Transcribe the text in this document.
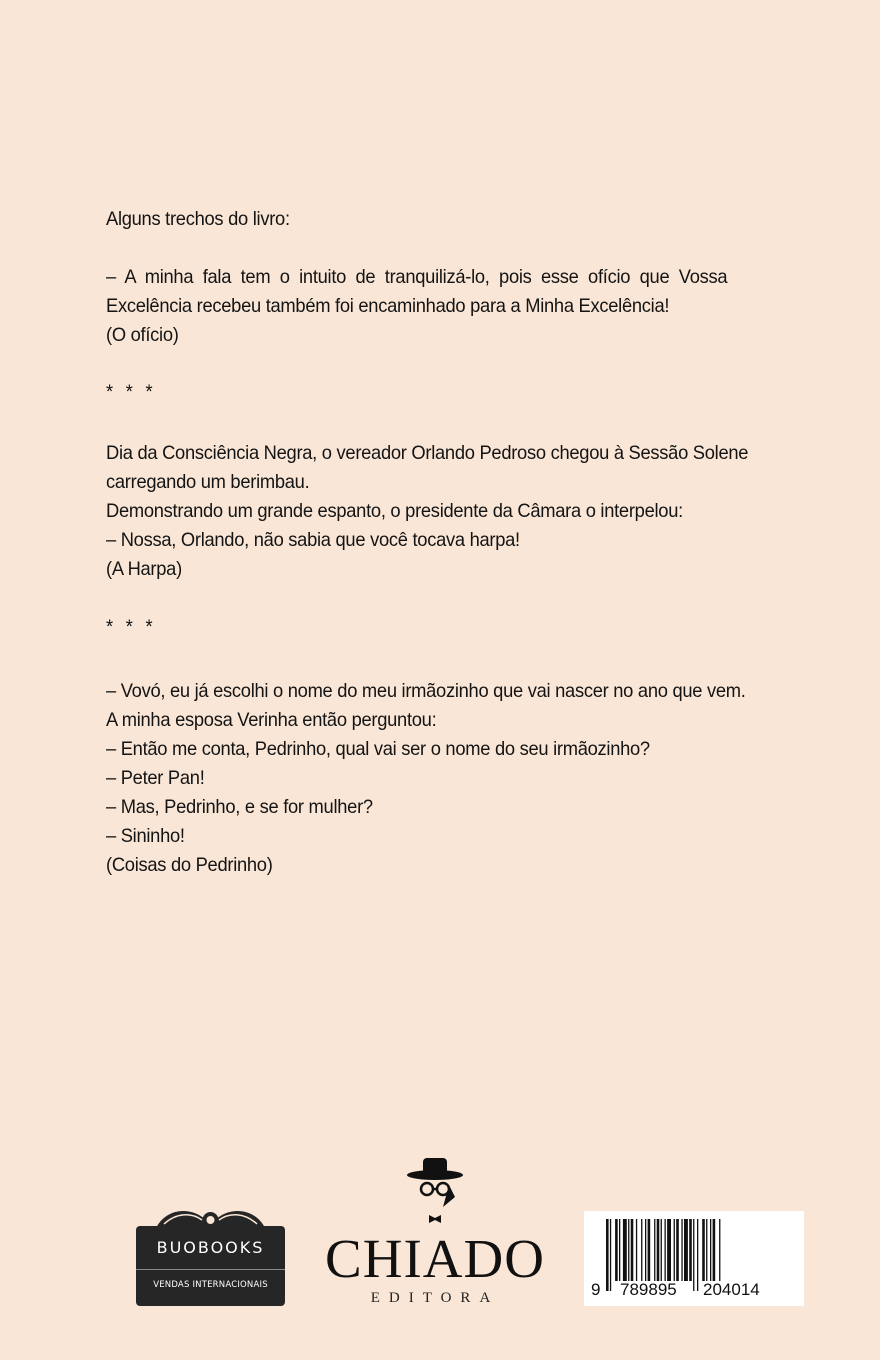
Alguns trechos do livro:

– A minha fala tem o intuito de tranquilizá-lo, pois esse ofício que Vossa

Excelência recebeu também foi encaminhado para a Minha Excelência!

(O ofício)

* * *

Dia da Consciência Negra, o vereador Orlando Pedroso chegou à Sessão Solene

carregando um berimbau.

Demonstrando um grande espanto, o presidente da Câmara o interpelou:

– Nossa, Orlando, não sabia que você tocava harpa!

(A Harpa)

* * *

– Vovó, eu já escolhi o nome do meu irmãozinho que vai nascer no ano que vem.

A minha esposa Verinha então perguntou:

– Então me conta, Pedrinho, qual vai ser o nome do seu irmãozinho?

– Peter Pan!

– Mas, Pedrinho, e se for mulher?

– Sininho!

(Coisas do Pedrinho)

BUOBOOKS
VENDAS INTERNACIONAIS	CHIADO
EDITORA	9 789895 204014
